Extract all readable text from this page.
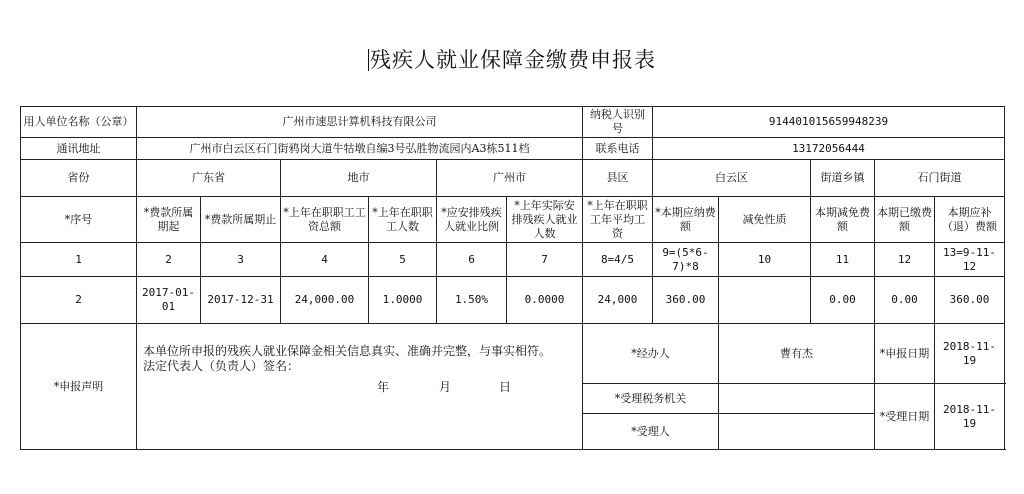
残疾人就业保障金缴费申报表
用人单位名称（公章）	广州市速思计算机科技有限公司						纳税人识别号	914401015659948239				
通讯地址	广州市白云区石门街鸦岗大道牛牯墩自编3号弘胜物流园内A3栋511档						联系电话	13172056444				
省份	广东省		地市		广州市		县区	白云区		街道乡镇	石门街道	
*序号	*费款所属期起	*费款所属期止	*上年在职职工工资总额	*上年在职职工人数	*应安排残疾人就业比例	*上年实际安排残疾人就业人数	*上年在职职工年平均工资	*本期应纳费额	减免性质	本期减免费额	本期已缴费额	本期应补（退）费额
1	2	3	4	5	6	7	8=4/5	9=(5*6-7)*8	10	11	12	13=9-11-12
2	2017-01-01	2017-12-31	24,000.00	1.0000	1.50%	0.0000	24,000	360.00		0.00	0.00	360.00
*申报声明	本单位所申报的残疾人就业保障金相关信息真实、准确并完整，与事实相符。
法定代表人（负责人）签名：
年 月 日						*经办人		曹有杰		*申报日期	2018-11-19
							*受理税务机关				*受理日期	2018-11-19
							*受理人					
